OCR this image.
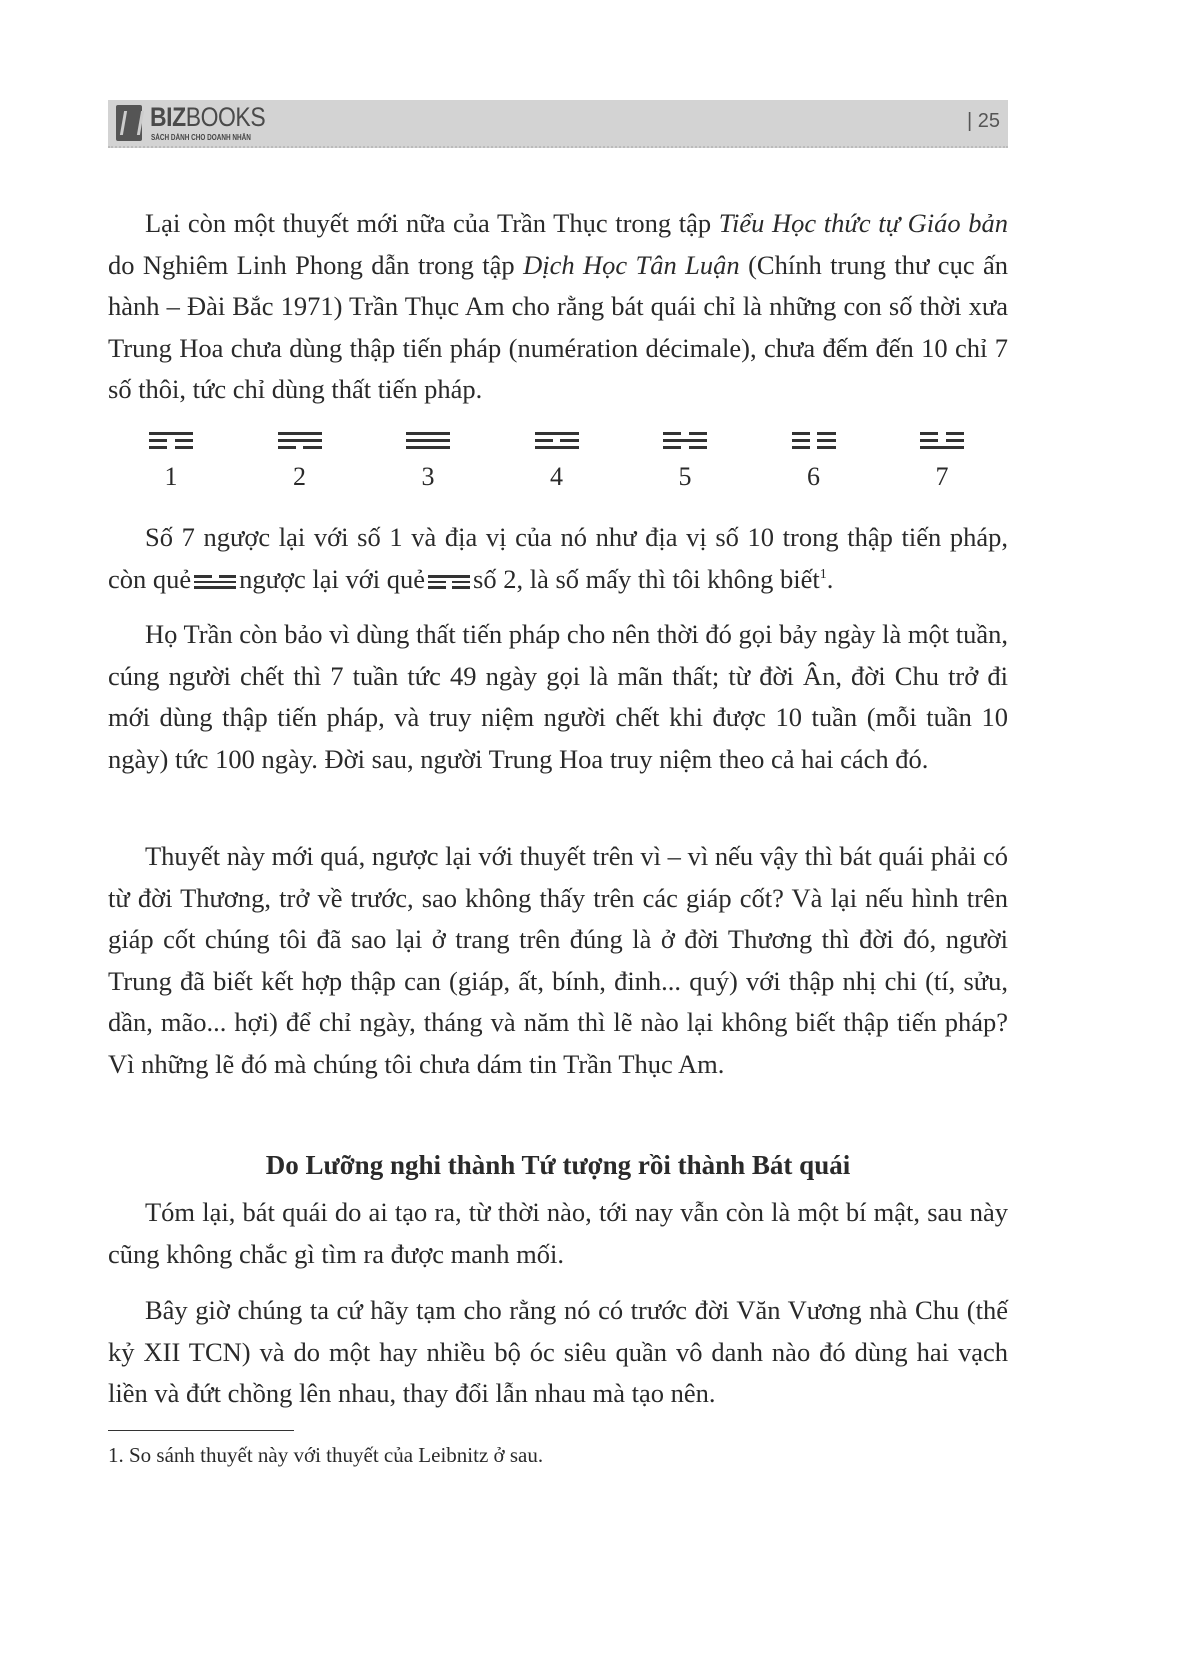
BIZBOOKS
SÁCH DÀNH CHO DOANH NHÂN
| 25

Lại còn một thuyết mới nữa của Trần Thục trong tập Tiểu Học thức tự Giáo bản do Nghiêm Linh Phong dẫn trong tập Dịch Học Tân Luận (Chính trung thư cục ấn hành – Đài Bắc 1971) Trần Thục Am cho rằng bát quái chỉ là những con số thời xưa Trung Hoa chưa dùng thập tiến pháp (numération décimale), chưa đếm đến 10 chỉ 7 số thôi, tức chỉ dùng thất tiến pháp.

1	2	3	4	5	6	7

Số 7 ngược lại với số 1 và địa vị của nó như địa vị số 10 trong thập tiến pháp, còn quẻ ngược lại với quẻ số 2, là số mấy thì tôi không biết$^1$.

Họ Trần còn bảo vì dùng thất tiến pháp cho nên thời đó gọi bảy ngày là một tuần, cúng người chết thì 7 tuần tức 49 ngày gọi là mãn thất; từ đời Ân, đời Chu trở đi mới dùng thập tiến pháp, và truy niệm người chết khi được 10 tuần (mỗi tuần 10 ngày) tức 100 ngày. Đời sau, người Trung Hoa truy niệm theo cả hai cách đó.

Thuyết này mới quá, ngược lại với thuyết trên vì – vì nếu vậy thì bát quái phải có từ đời Thương, trở về trước, sao không thấy trên các giáp cốt? Và lại nếu hình trên giáp cốt chúng tôi đã sao lại ở trang trên đúng là ở đời Thương thì đời đó, người Trung đã biết kết hợp thập can (giáp, ất, bính, đinh... quý) với thập nhị chi (tí, sửu, dần, mão... hợi) để chỉ ngày, tháng và năm thì lẽ nào lại không biết thập tiến pháp? Vì những lẽ đó mà chúng tôi chưa dám tin Trần Thục Am.

Do Lưỡng nghi thành Tứ tượng rồi thành Bát quái

Tóm lại, bát quái do ai tạo ra, từ thời nào, tới nay vẫn còn là một bí mật, sau này cũng không chắc gì tìm ra được manh mối.

Bây giờ chúng ta cứ hãy tạm cho rằng nó có trước đời Văn Vương nhà Chu (thế kỷ XII TCN) và do một hay nhiều bộ óc siêu quần vô danh nào đó dùng hai vạch liền và đứt chồng lên nhau, thay đổi lẫn nhau mà tạo nên.

1. So sánh thuyết này với thuyết của Leibnitz ở sau.
